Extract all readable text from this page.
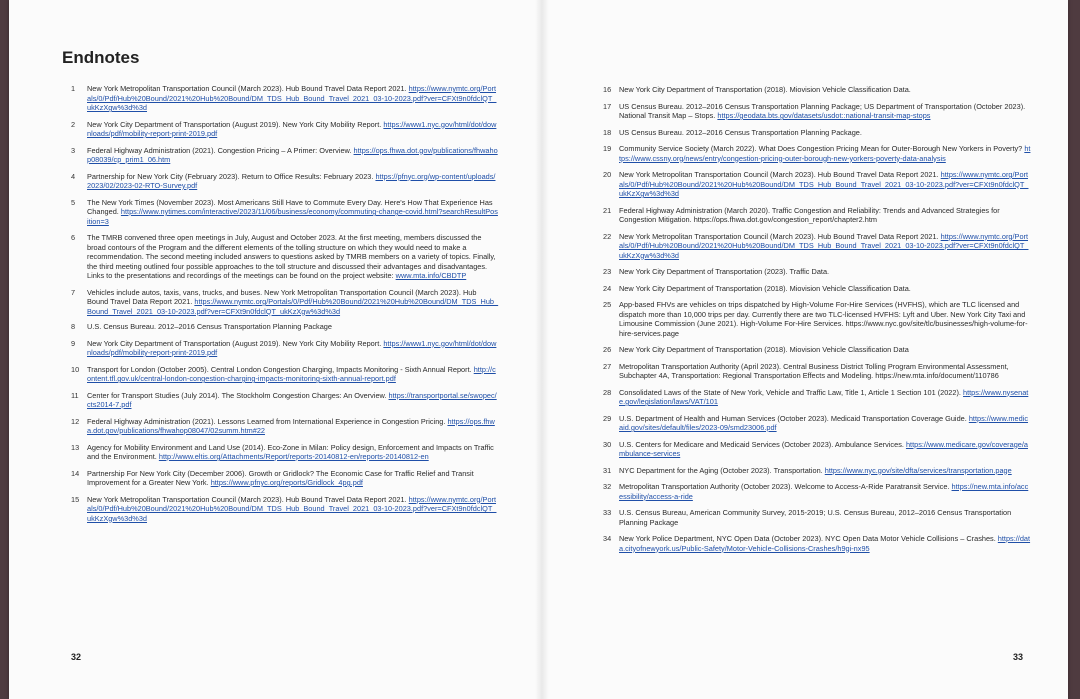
Endnotes
1	New York Metropolitan Transportation Council (March 2023). Hub Bound Travel Data Report 2021. https://www.nymtc.org/Portals/0/Pdf/Hub%20Bound/2021%20Hub%20Bound/DM_TDS_Hub_Bound_Travel_2021_03-10-2023.pdf?ver=CFXt9n0fdclQT_ukKzXgw%3d%3d
2	New York City Department of Transportation (August 2019). New York City Mobility Report. https://www1.nyc.gov/html/dot/downloads/pdf/mobility-report-print-2019.pdf
3	Federal Highway Administration (2021). Congestion Pricing – A Primer: Overview. https://ops.fhwa.dot.gov/publications/fhwahop08039/cp_prim1_06.htm
4	Partnership for New York City (February 2023). Return to Office Results: February 2023. https://pfnyc.org/wp-content/uploads/2023/02/2023-02-RTO-Survey.pdf
5	The New York Times (November 2023). Most Americans Still Have to Commute Every Day. Here's How That Experience Has Changed. https://www.nytimes.com/interactive/2023/11/06/business/economy/commuting-change-covid.html?searchResultPosition=3
6	The TMRB convened three open meetings in July, August and October 2023. At the first meeting, members discussed the broad contours of the Program and the different elements of the tolling structure on which they would need to make a recommendation. The second meeting included answers to questions asked by TMRB members on a variety of topics. Finally, the third meeting outlined four possible approaches to the toll structure and discussed their advantages and disadvantages. Links to the presentations and recordings of the meetings can be found on the project website: www.mta.info/CBDTP
7	Vehicles include autos, taxis, vans, trucks, and buses. New York Metropolitan Transportation Council (March 2023). Hub Bound Travel Data Report 2021. https://www.nymtc.org/Portals/0/Pdf/Hub%20Bound/2021%20Hub%20Bound/DM_TDS_Hub_Bound_Travel_2021_03-10-2023.pdf?ver=CFXt9n0fdclQT_ukKzXgw%3d%3d
8	U.S. Census Bureau. 2012–2016 Census Transportation Planning Package
9	New York City Department of Transportation (August 2019). New York City Mobility Report. https://www1.nyc.gov/html/dot/downloads/pdf/mobility-report-print-2019.pdf
10	Transport for London (October 2005). Central London Congestion Charging, Impacts Monitoring - Sixth Annual Report. http://content.tfl.gov.uk/central-london-congestion-charging-impacts-monitoring-sixth-annual-report.pdf
11	Center for Transport Studies (July 2014). The Stockholm Congestion Charges: An Overview. https://transportportal.se/swopec/cts2014-7.pdf
12	Federal Highway Administration (2021). Lessons Learned from International Experience in Congestion Pricing. https://ops.fhwa.dot.gov/publications/fhwahop08047/02summ.htm#22
13	Agency for Mobility Environment and Land Use (2014). Eco-Zone in Milan: Policy design, Enforcement and Impacts on Traffic and the Environment. http://www.eltis.org/Attachments/Report/reports-20140812-en/reports-20140812-en
14	Partnership For New York City (December 2006). Growth or Gridlock? The Economic Case for Traffic Relief and Transit Improvement for a Greater New York. https://www.pfnyc.org/reports/Gridlock_4pg.pdf
15	New York Metropolitan Transportation Council (March 2023). Hub Bound Travel Data Report 2021. https://www.nymtc.org/Portals/0/Pdf/Hub%20Bound/2021%20Hub%20Bound/DM_TDS_Hub_Bound_Travel_2021_03-10-2023.pdf?ver=CFXt9n0fdclQT_ukKzXgw%3d%3d
16	New York City Department of Transportation (2018). Miovision Vehicle Classification Data.
17	US Census Bureau. 2012–2016 Census Transportation Planning Package; US Department of Transportation (October 2023). National Transit Map – Stops. https://geodata.bts.gov/datasets/usdot::national-transit-map-stops
18	US Census Bureau. 2012–2016 Census Transportation Planning Package.
19	Community Service Society (March 2022). What Does Congestion Pricing Mean for Outer-Borough New Yorkers in Poverty? https://www.cssny.org/news/entry/congestion-pricing-outer-borough-new-yorkers-poverty-data-analysis
20	New York Metropolitan Transportation Council (March 2023). Hub Bound Travel Data Report 2021. https://www.nymtc.org/Portals/0/Pdf/Hub%20Bound/2021%20Hub%20Bound/DM_TDS_Hub_Bound_Travel_2021_03-10-2023.pdf?ver=CFXt9n0fdclQT_ukKzXgw%3d%3d
21	Federal Highway Administration (March 2020). Traffic Congestion and Reliability: Trends and Advanced Strategies for Congestion Mitigation. https://ops.fhwa.dot.gov/congestion_report/chapter2.htm
22	New York Metropolitan Transportation Council (March 2023). Hub Bound Travel Data Report 2021. https://www.nymtc.org/Portals/0/Pdf/Hub%20Bound/2021%20Hub%20Bound/DM_TDS_Hub_Bound_Travel_2021_03-10-2023.pdf?ver=CFXt9n0fdclQT_ukKzXgw%3d%3d
23	New York City Department of Transportation (2023). Traffic Data.
24	New York City Department of Transportation (2018). Miovision Vehicle Classification Data.
25	App-based FHVs are vehicles on trips dispatched by High-Volume For-Hire Services (HVFHS), which are TLC licensed and dispatch more than 10,000 trips per day. Currently there are two TLC-licensed HVFHS: Lyft and Uber. New York City Taxi and Limousine Commission (June 2021). High-Volume For-Hire Services. https://www.nyc.gov/site/tlc/businesses/high-volume-for-hire-services.page
26	New York City Department of Transportation (2018). Miovision Vehicle Classification Data
27	Metropolitan Transportation Authority (April 2023). Central Business District Tolling Program Environmental Assessment, Subchapter 4A, Transportation: Regional Transportation Effects and Modeling. https://new.mta.info/document/110786
28	Consolidated Laws of the State of New York, Vehicle and Traffic Law, Title 1, Article 1 Section 101 (2022). https://www.nysenate.gov/legislation/laws/VAT/101
29	U.S. Department of Health and Human Services (October 2023). Medicaid Transportation Coverage Guide. https://www.medicaid.gov/sites/default/files/2023-09/smd23006.pdf
30	U.S. Centers for Medicare and Medicaid Services (October 2023). Ambulance Services. https://www.medicare.gov/coverage/ambulance-services
31	NYC Department for the Aging (October 2023). Transportation. https://www.nyc.gov/site/dfta/services/transportation.page
32	Metropolitan Transportation Authority (October 2023). Welcome to Access-A-Ride Paratransit Service. https://new.mta.info/accessibility/access-a-ride
33	U.S. Census Bureau, American Community Survey, 2015-2019; U.S. Census Bureau, 2012–2016 Census Transportation Planning Package
34	New York Police Department, NYC Open Data (October 2023). NYC Open Data Motor Vehicle Collisions – Crashes. https://data.cityofnewyork.us/Public-Safety/Motor-Vehicle-Collisions-Crashes/h9gi-nx95
32	33
